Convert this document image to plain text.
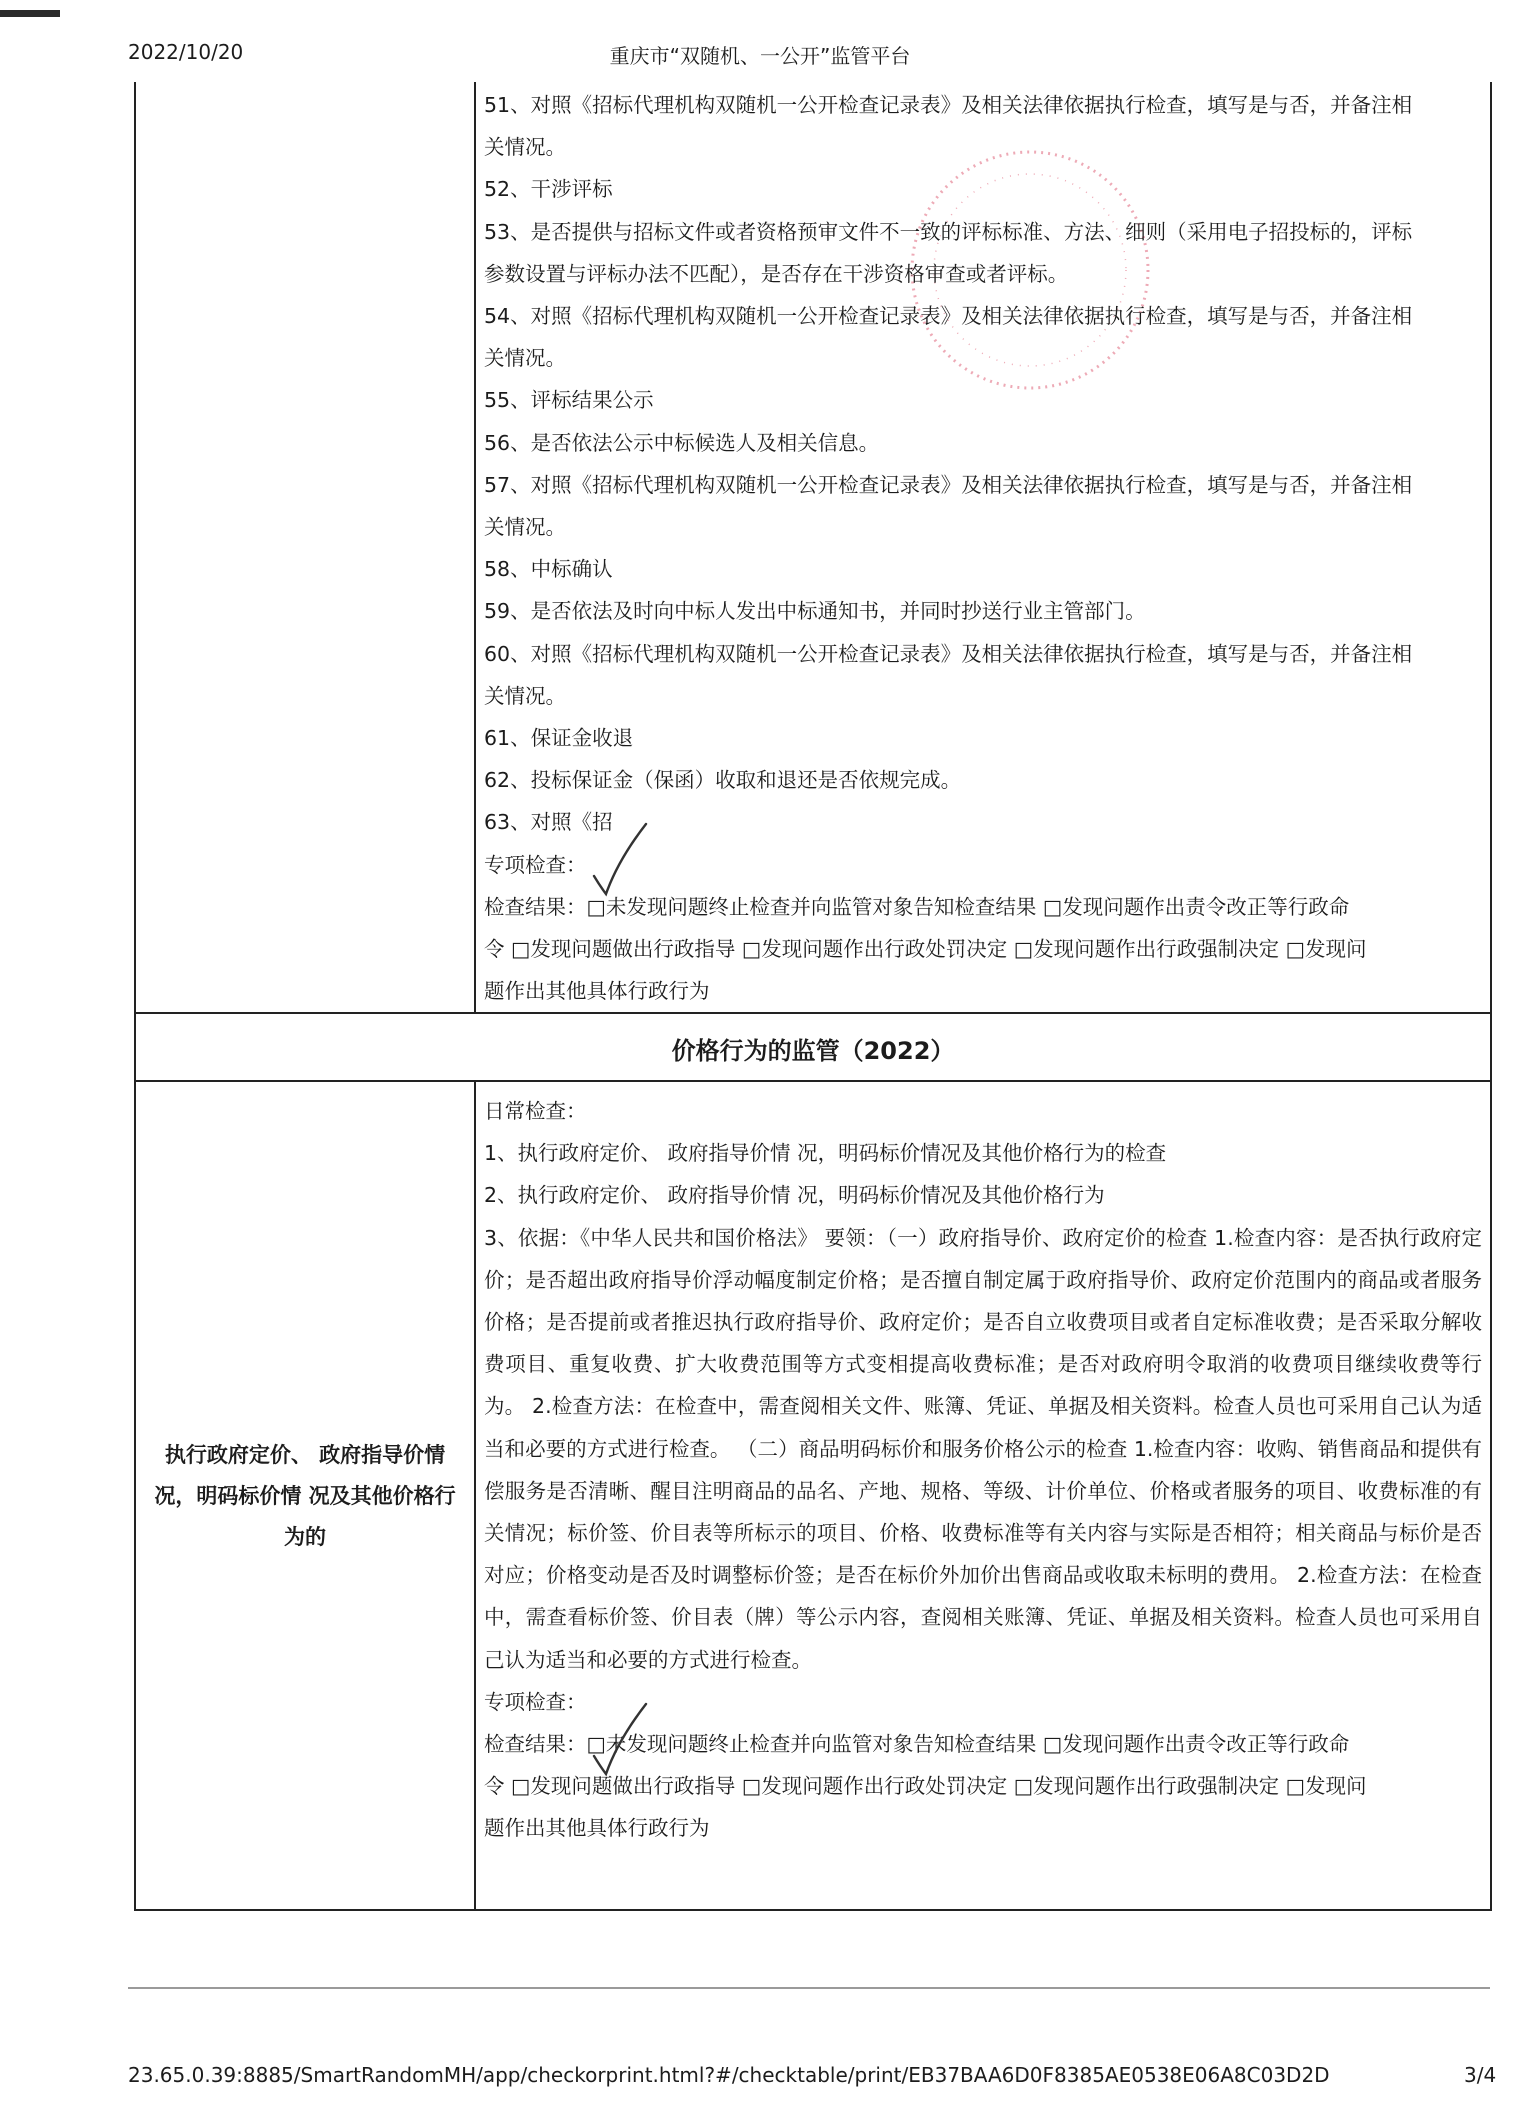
2022/10/20	重庆市“双随机、一公开”监管平台
51、对照《招标代理机构双随机一公开检查记录表》及相关法律依据执行检查，填写是与否，并备注相
关情况。
52、干涉评标
53、是否提供与招标文件或者资格预审文件不一致的评标标准、方法、细则（采用电子招投标的，评标
参数设置与评标办法不匹配），是否存在干涉资格审查或者评标。
54、对照《招标代理机构双随机一公开检查记录表》及相关法律依据执行检查，填写是与否，并备注相
关情况。
55、评标结果公示
56、是否依法公示中标候选人及相关信息。
57、对照《招标代理机构双随机一公开检查记录表》及相关法律依据执行检查，填写是与否，并备注相
关情况。
58、中标确认
59、是否依法及时向中标人发出中标通知书，并同时抄送行业主管部门。
60、对照《招标代理机构双随机一公开检查记录表》及相关法律依据执行检查，填写是与否，并备注相
关情况。
61、保证金收退
62、投标保证金（保函）收取和退还是否依规完成。
63、对照《招
专项检查：
检查结果：□未发现问题终止检查并向监管对象告知检查结果 □发现问题作出责令改正等行政命
令 □发现问题做出行政指导 □发现问题作出行政处罚决定 □发现问题作出行政强制决定 □发现问
题作出其他具体行政行为
价格行为的监管（2022）
执行政府定价、 政府指导价情况，明码标价情 况及其他价格行为的
日常检查：
1、执行政府定价、 政府指导价情 况，明码标价情况及其他价格行为的检查
2、执行政府定价、 政府指导价情 况，明码标价情况及其他价格行为
3、依据：《中华人民共和国价格法》 要领：（一）政府指导价、政府定价的检查 1.检查内容：是否执行政府定价；是否超出政府指导价浮动幅度制定价格；是否擅自制定属于政府指导价、政府定价范围内的商品或者服务价格；是否提前或者推迟执行政府指导价、政府定价；是否自立收费项目或者自定标准收费；是否采取分解收费项目、重复收费、扩大收费范围等方式变相提高收费标准；是否对政府明令取消的收费项目继续收费等行为。 2.检查方法：在检查中，需查阅相关文件、账簿、凭证、单据及相关资料。检查人员也可采用自己认为适当和必要的方式进行检查。 （二）商品明码标价和服务价格公示的检查 1.检查内容：收购、销售商品和提供有偿服务是否清晰、醒目注明商品的品名、产地、规格、等级、计价单位、价格或者服务的项目、收费标准的有关情况；标价签、价目表等所标示的项目、价格、收费标准等有关内容与实际是否相符；相关商品与标价是否对应；价格变动是否及时调整标价签；是否在标价外加价出售商品或收取未标明的费用。 2.检查方法：在检查中，需查看标价签、价目表（牌）等公示内容，查阅相关账簿、凭证、单据及相关资料。检查人员也可采用自己认为适当和必要的方式进行检查。
专项检查：
检查结果：□未发现问题终止检查并向监管对象告知检查结果 □发现问题作出责令改正等行政命
令 □发现问题做出行政指导 □发现问题作出行政处罚决定 □发现问题作出行政强制决定 □发现问
题作出其他具体行政行为
23.65.0.39:8885/SmartRandomMH/app/checkorprint.html?#/checktable/print/EB37BAA6D0F8385AE0538E06A8C03D2D	3/4
